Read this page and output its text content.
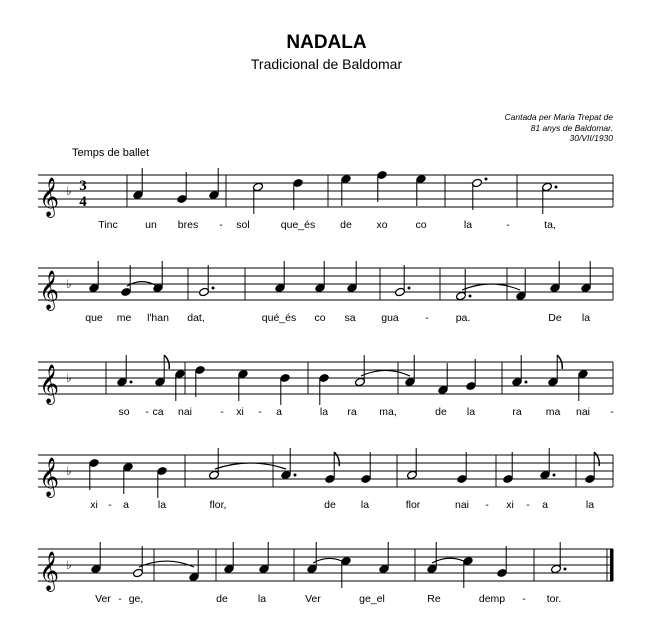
NADALA
Tradicional de Baldomar
Cantada per Maria Trepat de
81 anys de Baldomar.
30/VII/1930
Temps de ballet
𝄞 ♭ 3
4
Tinc	un bres - sol	que_és de xo	co	la	-	ta,
𝄞 ♭
que me l'han dat,	qué_és co sa gua	-	pa.	De la
𝄞 ♭
so - ca nai	- xi - a	la ra ma,	de la	ra ma nai -
𝄞 ♭
xi - a	la	flor,	de la	flor	nai - xi - a	la
𝄞 ♭
Ver - ge,	de	la	Ver	ge_el	Re	demp - tor.
